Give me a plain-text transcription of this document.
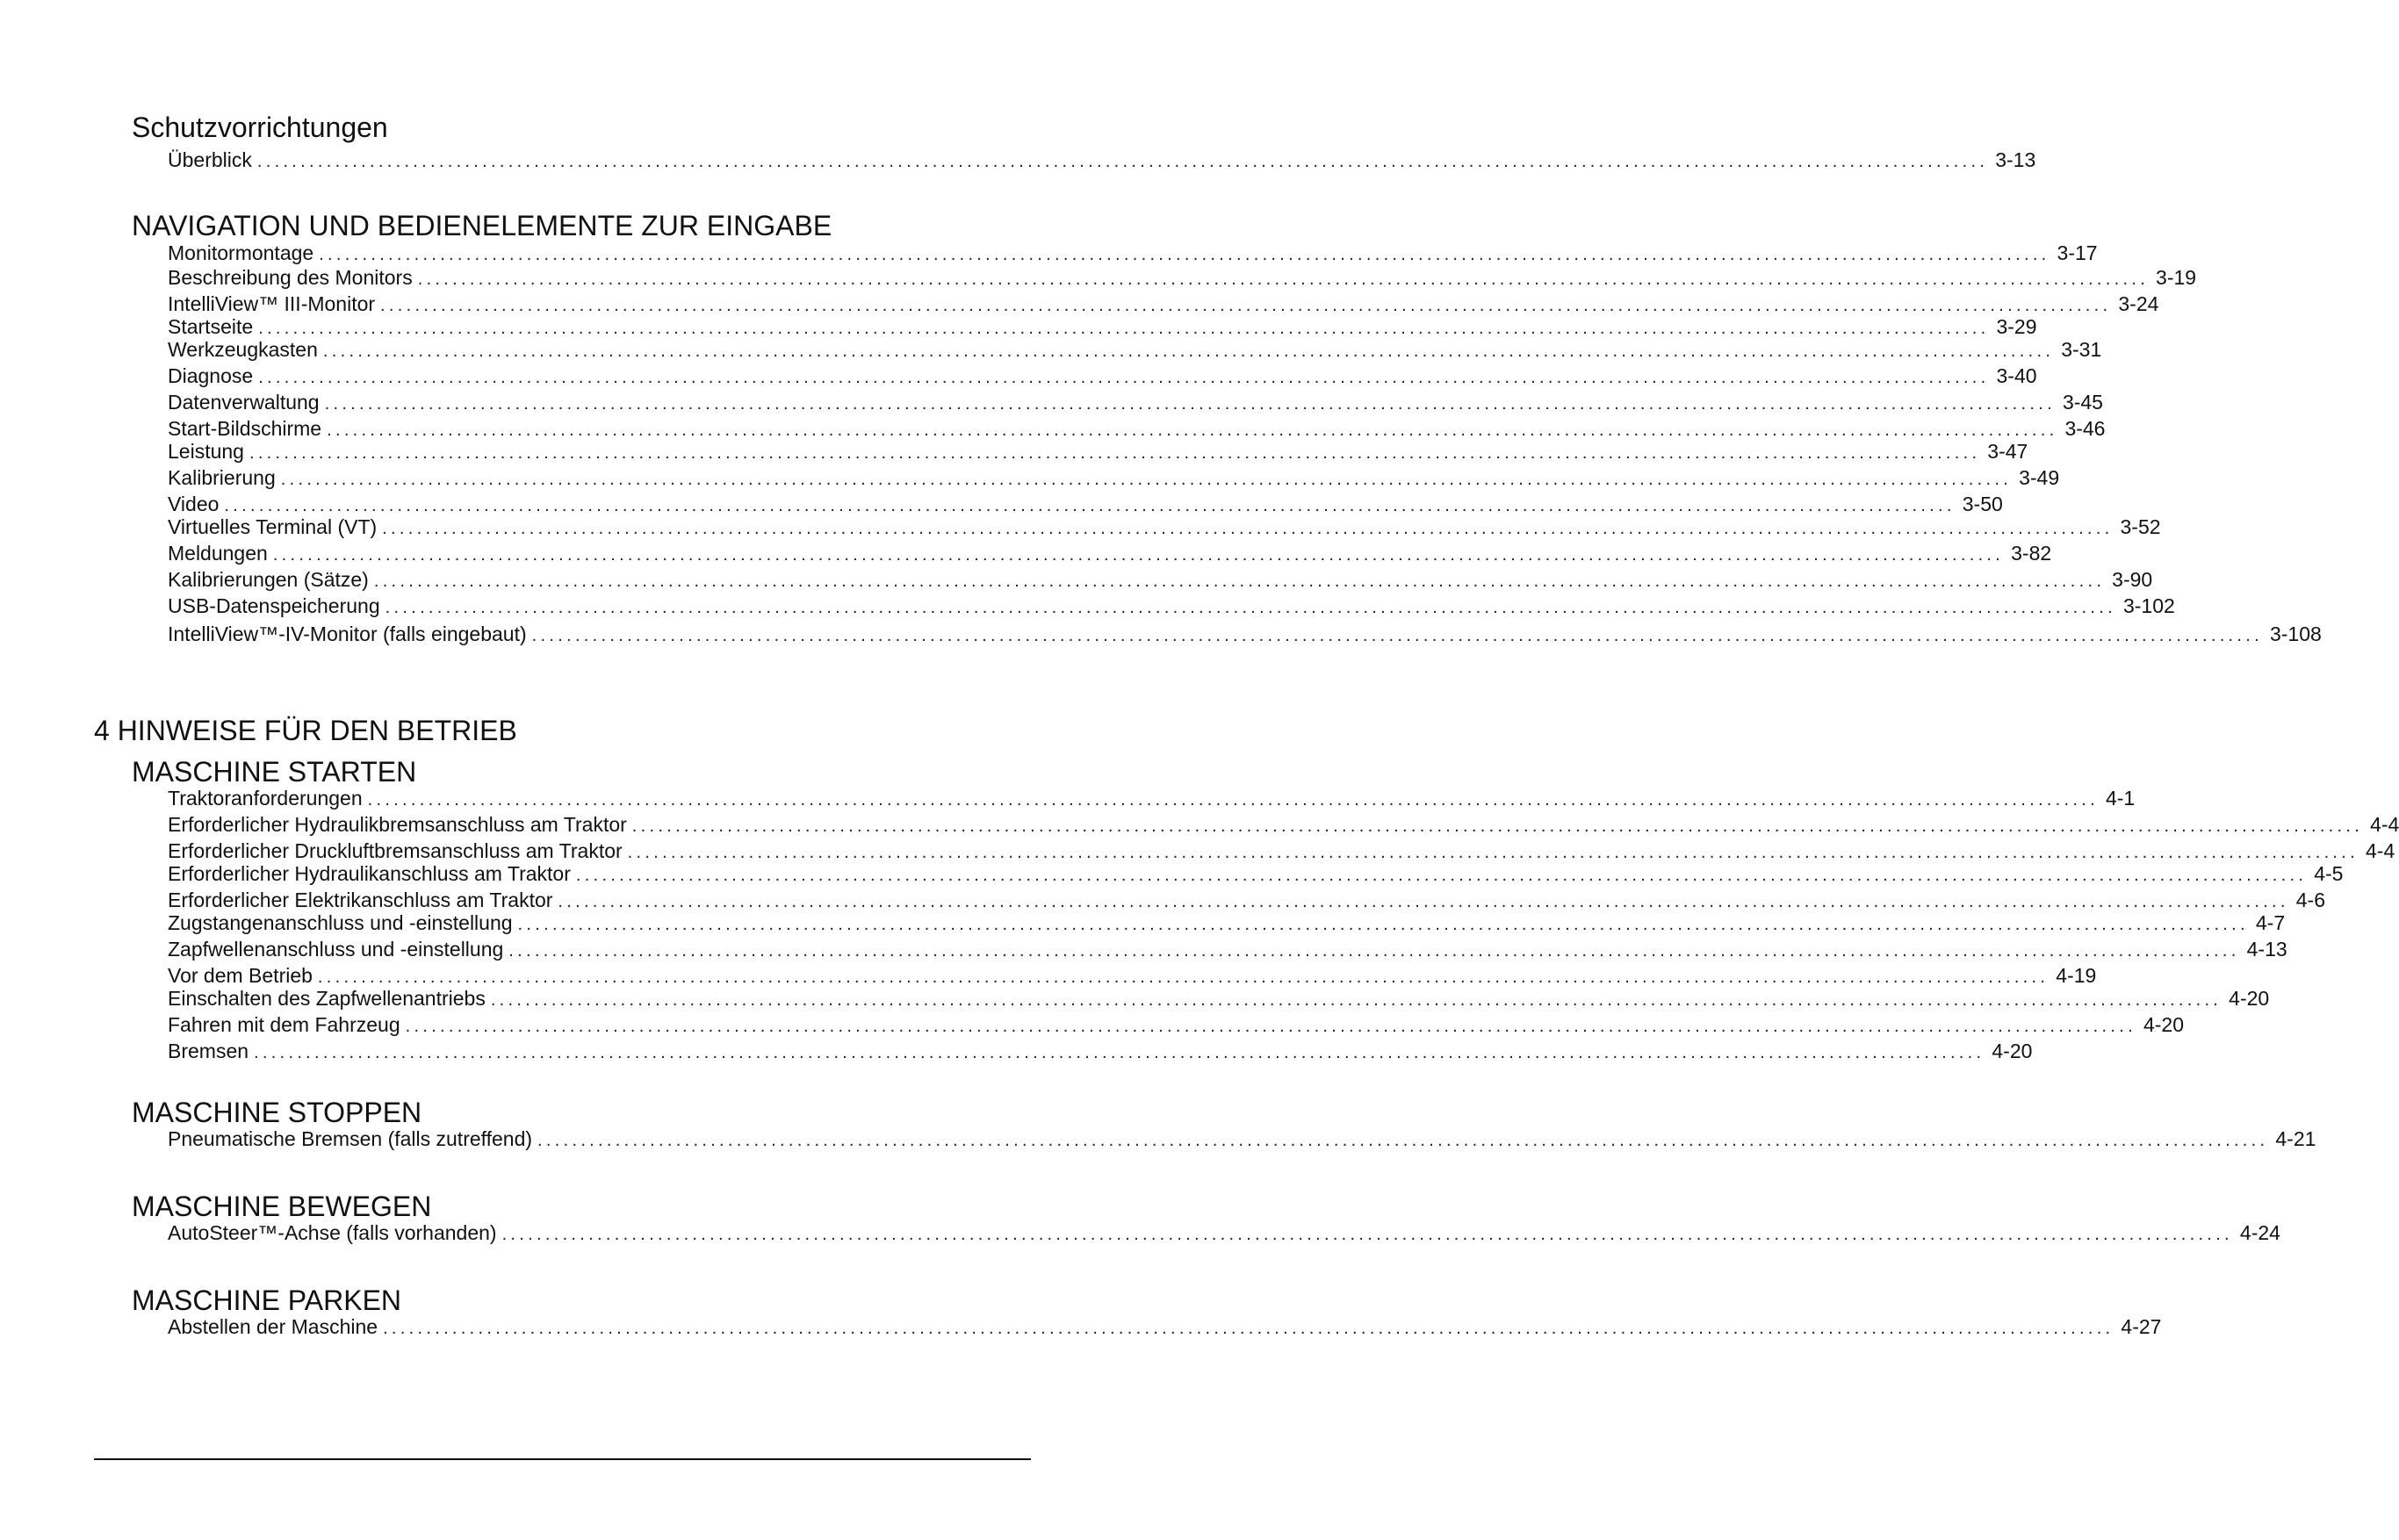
Schutzvorrichtungen
Überblick ........................................................................................................................................................................................................ 3-13
NAVIGATION UND BEDIENELEMENTE ZUR EINGABE
Monitormontage ........................................................................................................................................................................................................ 3-17
Beschreibung des Monitors ........................................................................................................................................................................................................ 3-19
IntelliView™ III-Monitor ........................................................................................................................................................................................................ 3-24
Startseite ........................................................................................................................................................................................................ 3-29
Werkzeugkasten ........................................................................................................................................................................................................ 3-31
Diagnose ........................................................................................................................................................................................................ 3-40
Datenverwaltung ........................................................................................................................................................................................................ 3-45
Start-Bildschirme ........................................................................................................................................................................................................ 3-46
Leistung ........................................................................................................................................................................................................ 3-47
Kalibrierung ........................................................................................................................................................................................................ 3-49
Video ........................................................................................................................................................................................................ 3-50
Virtuelles Terminal (VT) ........................................................................................................................................................................................................ 3-52
Meldungen ........................................................................................................................................................................................................ 3-82
Kalibrierungen (Sätze) ........................................................................................................................................................................................................ 3-90
USB-Datenspeicherung ........................................................................................................................................................................................................ 3-102
IntelliView™-IV-Monitor (falls eingebaut) ........................................................................................................................................................................................................ 3-108
4 HINWEISE FÜR DEN BETRIEB
MASCHINE STARTEN
Traktoranforderungen ........................................................................................................................................................................................................ 4-1
Erforderlicher Hydraulikbremsanschluss am Traktor ........................................................................................................................................................................................................ 4-4
Erforderlicher Druckluftbremsanschluss am Traktor ........................................................................................................................................................................................................ 4-4
Erforderlicher Hydraulikanschluss am Traktor ........................................................................................................................................................................................................ 4-5
Erforderlicher Elektrikanschluss am Traktor ........................................................................................................................................................................................................ 4-6
Zugstangenanschluss und -einstellung ........................................................................................................................................................................................................ 4-7
Zapfwellenanschluss und -einstellung ........................................................................................................................................................................................................ 4-13
Vor dem Betrieb ........................................................................................................................................................................................................ 4-19
Einschalten des Zapfwellenantriebs ........................................................................................................................................................................................................ 4-20
Fahren mit dem Fahrzeug ........................................................................................................................................................................................................ 4-20
Bremsen ........................................................................................................................................................................................................ 4-20
MASCHINE STOPPEN
Pneumatische Bremsen (falls zutreffend) ........................................................................................................................................................................................................ 4-21
MASCHINE BEWEGEN
AutoSteer™-Achse (falls vorhanden) ........................................................................................................................................................................................................ 4-24
MASCHINE PARKEN
Abstellen der Maschine ........................................................................................................................................................................................................ 4-27
